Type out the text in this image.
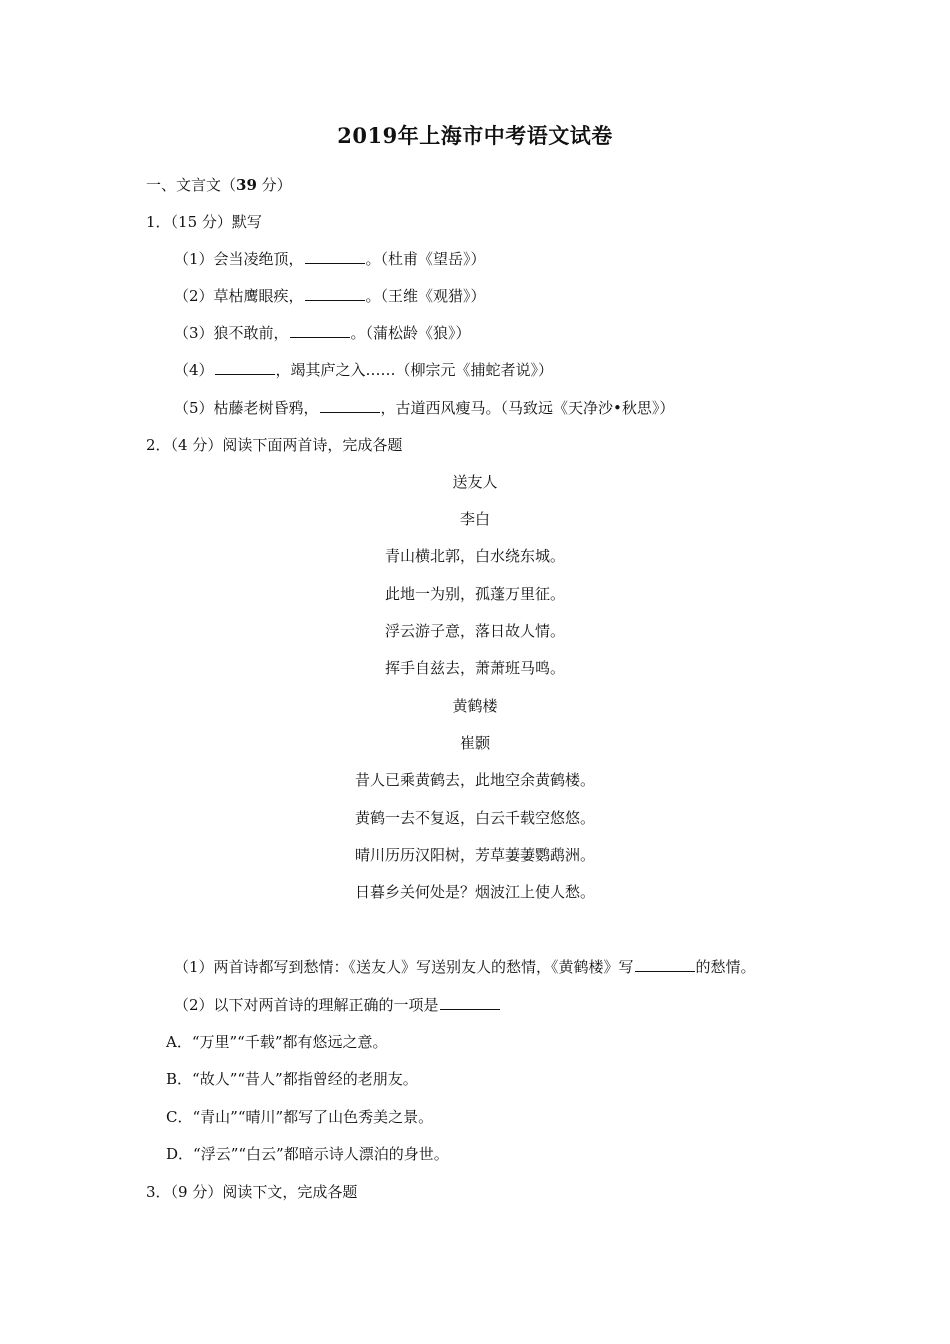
2019年上海市中考语文试卷
一、文言文（39 分）
1．（15 分）默写
（1）会当凌绝顶，	。（杜甫《望岳》）
（2）草枯鹰眼疾，	。（王维《观猎》）
（3）狼不敢前，	。（蒲松龄《狼》）
（4）	，竭其庐之入……（柳宗元《捕蛇者说》）
（5）枯藤老树昏鸦，	，古道西风瘦马。（马致远《天净沙•秋思》）
2．（4 分）阅读下面两首诗，完成各题
送友人
李白
青山横北郭，白水绕东城。
此地一为别，孤蓬万里征。
浮云游子意，落日故人情。
挥手自兹去，萧萧班马鸣。
黄鹤楼
崔颢
昔人已乘黄鹤去，此地空余黄鹤楼。
黄鹤一去不复返，白云千载空悠悠。
晴川历历汉阳树，芳草萋萋鹦鹉洲。
日暮乡关何处是？烟波江上使人愁。
（1）两首诗都写到愁情：《送友人》写送别友人的愁情，《黄鹤楼》写	的愁情。
（2）以下对两首诗的理解正确的一项是
A．“万里”“千载”都有悠远之意。
B．“故人”“昔人”都指曾经的老朋友。
C．“青山”“晴川”都写了山色秀美之景。
D．“浮云”“白云”都暗示诗人漂泊的身世。
3．（9 分）阅读下文，完成各题
